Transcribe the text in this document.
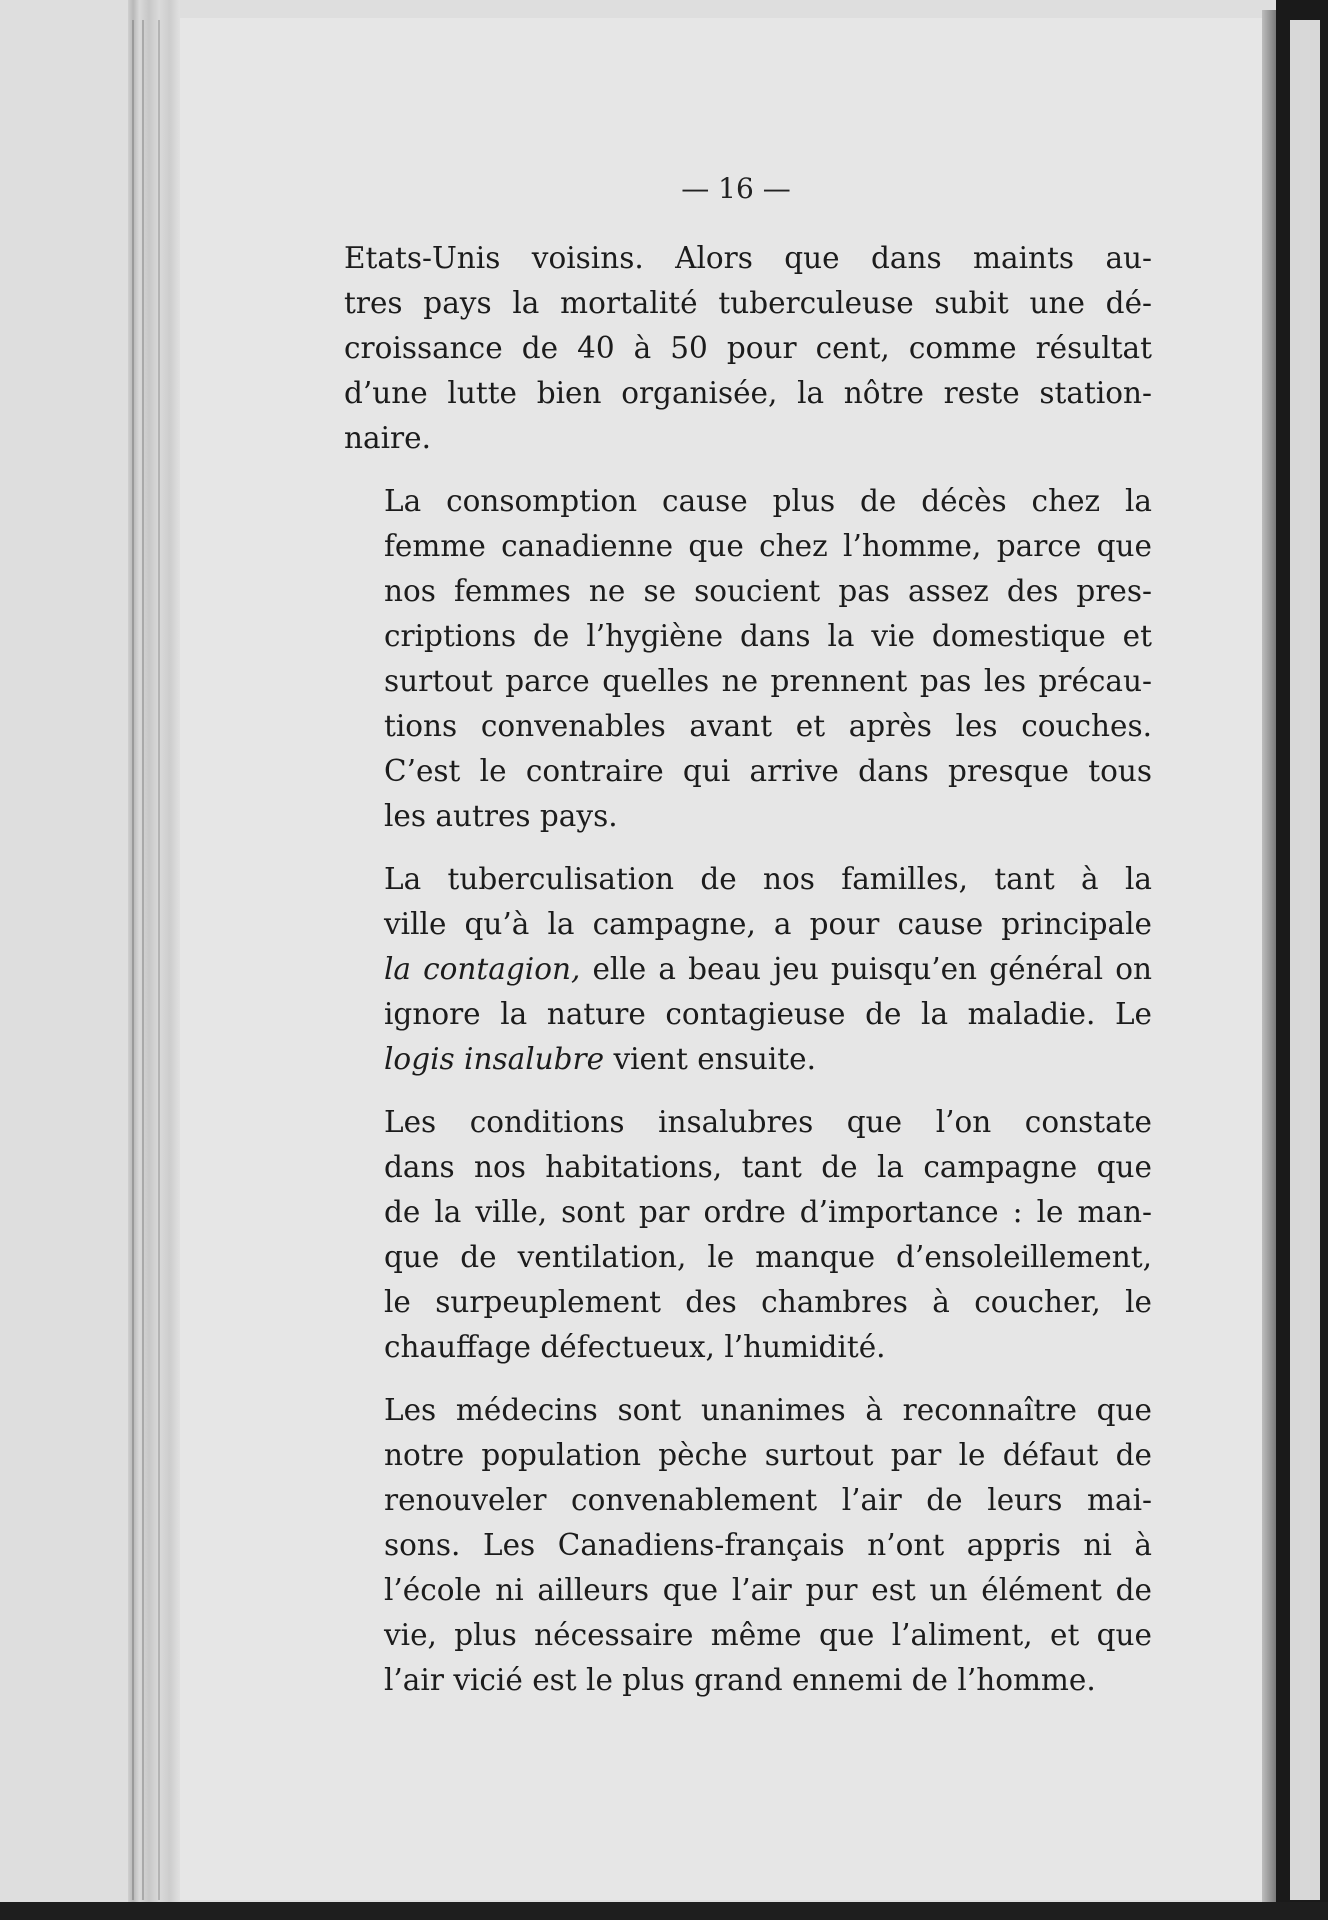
— 16 —

Etats-Unis voisins. Alors que dans maints au-
tres pays la mortalité tuberculeuse subit une dé-
croissance de 40 à 50 pour cent, comme résultat
d’une lutte bien organisée, la nôtre reste station-
naire.

La consomption cause plus de décès chez la
femme canadienne que chez l’homme, parce que
nos femmes ne se soucient pas assez des pres-
criptions de l’hygiène dans la vie domestique et
surtout parce quelles ne prennent pas les précau-
tions convenables avant et après les couches.
C’est le contraire qui arrive dans presque tous
les autres pays.

La tuberculisation de nos familles, tant à la
ville qu’à la campagne, a pour cause principale
la contagion, elle a beau jeu puisqu’en général on
ignore la nature contagieuse de la maladie. Le
logis insalubre vient ensuite.

Les conditions insalubres que l’on constate
dans nos habitations, tant de la campagne que
de la ville, sont par ordre d’importance : le man-
que de ventilation, le manque d’ensoleillement,
le surpeuplement des chambres à coucher, le
chauffage défectueux, l’humidité.

Les médecins sont unanimes à reconnaître que
notre population pèche surtout par le défaut de
renouveler convenablement l’air de leurs mai-
sons. Les Canadiens-français n’ont appris ni à
l’école ni ailleurs que l’air pur est un élément de
vie, plus nécessaire même que l’aliment, et que
l’air vicié est le plus grand ennemi de l’homme.
